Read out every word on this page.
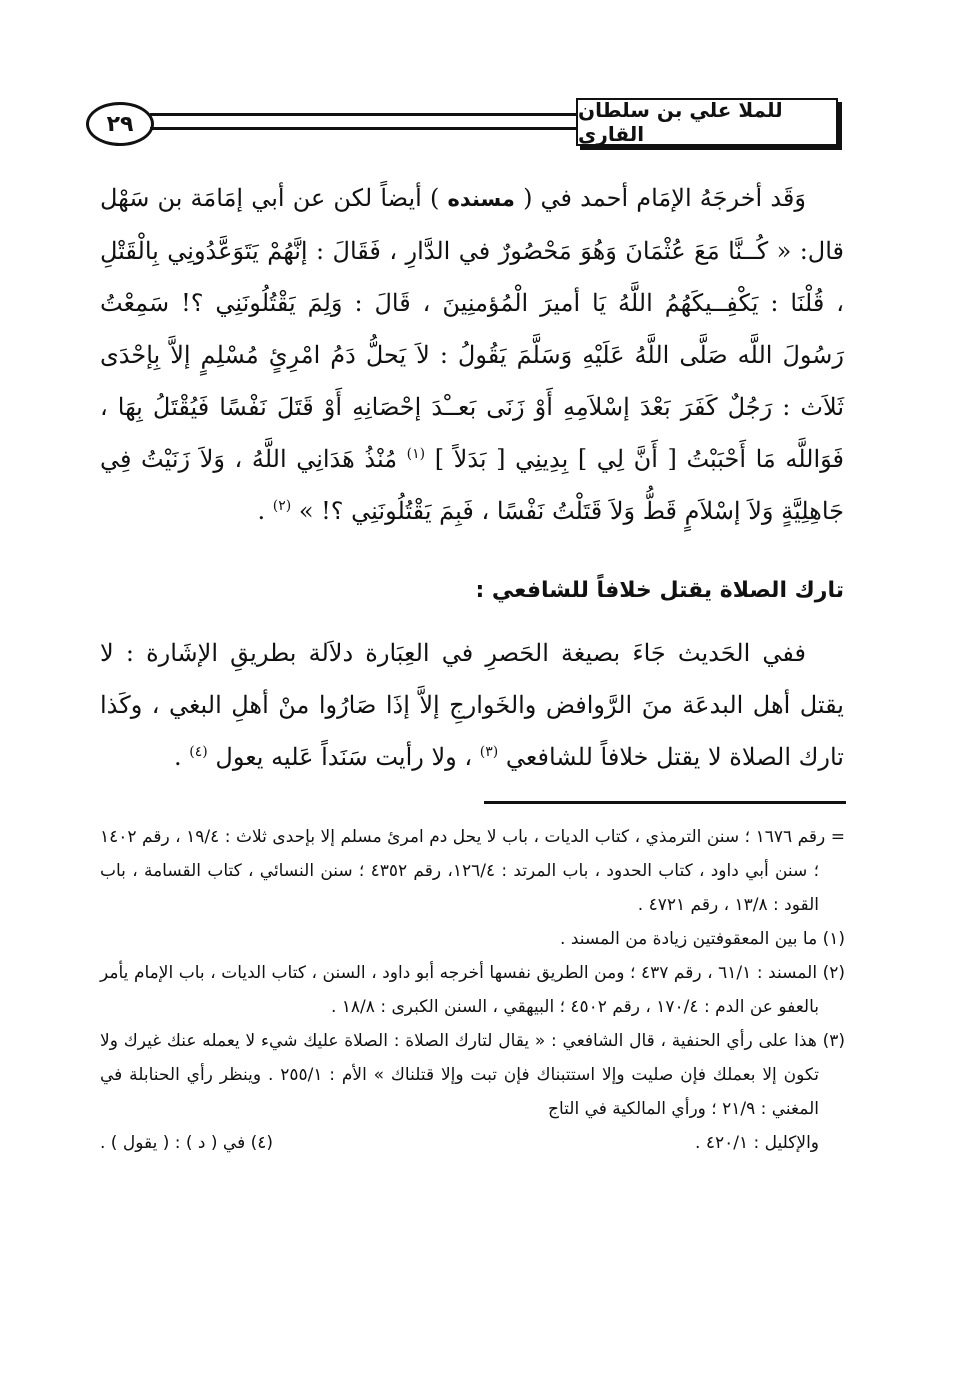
٢٩
للملا علي بن سلطان القاري

وَقَد أخرجَهُ الإمَام أحمد في ( مسنده ) أيضاً لكن عن أبي إمَامَة بن سَهْل قال: « كُــنَّا مَعَ عُثْمَانَ وَهُوَ مَحْصُورٌ في الدَّارِ ، فَقَالَ : إنَّهُمْ يَتَوَعَّدُونِي بِالْقَتْلِ ، قُلْنَا : يَكْفِــيكَهُمُ اللَّهُ يَا أميرَ الْمُؤمنِينَ ، قَالَ : وَلِمَ يَقْتُلُونَنِي ؟! سَمِعْتُ رَسُولَ اللَّه صَلَّى اللَّهُ عَلَيْهِ وَسَلَّمَ يَقُولُ : لاَ يَحلُّ دَمُ امْرِئٍ مُسْلِمٍ إلاَّ بِإحْدَى ثَلاَث : رَجُلٌ كَفَرَ بَعْدَ إسْلاَمِهِ أَوْ زَنَى بَعــْدَ إحْصَانِهِ أَوْ قَتَلَ نَفْسًا فَيُقْتَلُ بِهَا ، فَوَاللَّه مَا أَحْبَبْتُ [ أَنَّ لِي ] بِدِينِي [ بَدَلاً ] $^{(١)}$ مُنْذُ هَدَانِي اللَّهُ ، وَلاَ زَنَيْتُ فِي جَاهِلِيَّةٍ وَلاَ إسْلاَمٍ قَطُّ وَلاَ قَتَلْتُ نَفْسًا ، فَبِمَ يَقْتُلُونَنِي ؟! » $^{(٢)}$ .

تارك الصلاة يقتل خلافاً للشافعي :

ففي الحَديث جَاءَ بصيغة الحَصرِ في العِبَارة دلاَلة بطريقِ الإشَارة : لا يقتل أهل البدعَة منَ الرَّوافض والخَوارجِ إلاَّ إذَا صَارُوا منْ أهلِ البغي ، وكَذا تارك الصلاة لا يقتل خلافاً للشافعي $^{(٣)}$ ، ولا رأيت سَنَداً عَليه يعول $^{(٤)}$ .

= رقم ١٦٧٦ ؛ سنن الترمذي ، كتاب الديات ، باب لا يحل دم امرئ مسلم إلا بإحدى ثلاث : ١٩/٤ ، رقم ١٤٠٢ ؛ سنن أبي داود ، كتاب الحدود ، باب المرتد : ١٢٦/٤، رقم ٤٣٥٢ ؛ سنن النسائي ، كتاب القسامة ، باب القود : ١٣/٨ ، رقم ٤٧٢١ .

(١) ما بين المعقوفتين زيادة من المسند .

(٢) المسند : ٦١/١ ، رقم ٤٣٧ ؛ ومن الطريق نفسها أخرجه أبو داود ، السنن ، كتاب الديات ، باب الإمام يأمر بالعفو عن الدم : ١٧٠/٤ ، رقم ٤٥٠٢ ؛ البيهقي ، السنن الكبرى : ١٨/٨ .

(٣) هذا على رأي الحنفية ، قال الشافعي : « يقال لتارك الصلاة : الصلاة عليك شيء لا يعمله عنك غيرك ولا تكون إلا بعملك فإن صليت وإلا استتبناك فإن تبت وإلا قتلناك » الأم : ٢٥٥/١ . وينظر رأي الحنابلة في المغني : ٢١/٩ ؛ ورأي المالكية في التاج

والإكليل : ٤٢٠/١ .
(٤) في ( د ) : ( يقول ) .
